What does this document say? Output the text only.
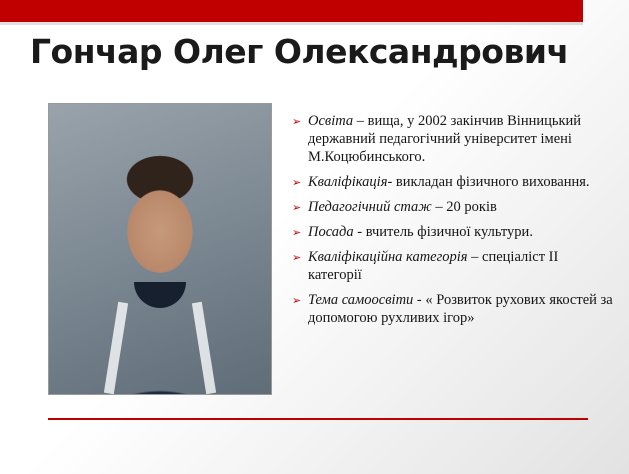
Гончар Олег Олександрович
➢ Освіта – вища, у 2002 закінчив Вінницький державний педагогічний університет імені М.Коцюбинського.
➢ Кваліфікація- викладан фізичного виховання.
➢ Педагогічний стаж – 20 років
➢ Посада - вчитель фізичної культури.
➢ Кваліфікаційна категорія – спеціаліст ІІ категорії
➢ Тема самоосвіти - « Розвиток рухових якостей за допомогою рухливих ігор»
